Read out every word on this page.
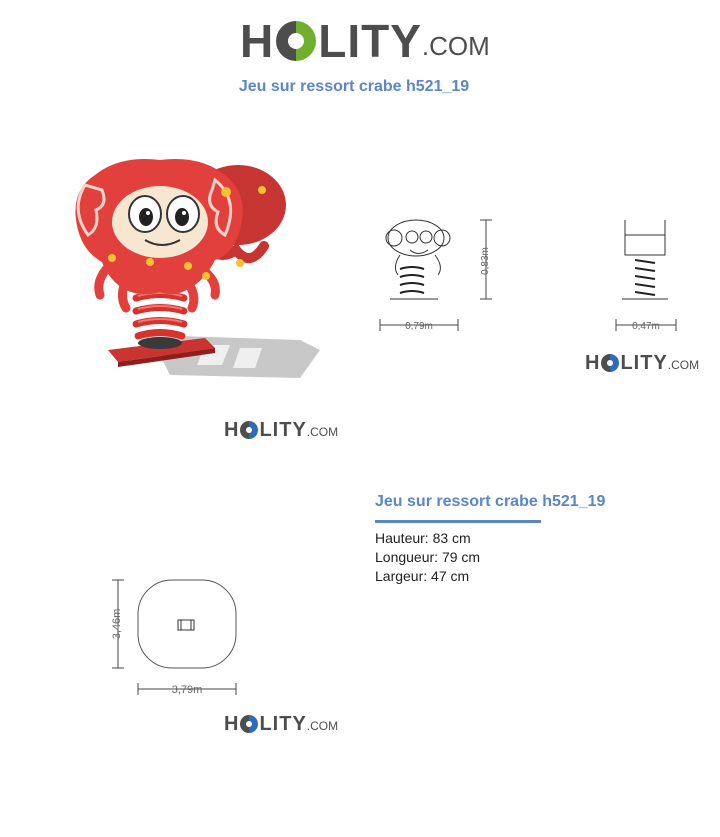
H LITY .COM
Jeu sur ressort crabe h521_19
H LITY .COM
0,83m
0,79m	0,47m
H LITY .COM
Jeu sur ressort crabe h521_19
Hauteur: 83 cm
Longueur: 79 cm
Largeur: 47 cm
3,46m
3,79m
H LITY .COM
